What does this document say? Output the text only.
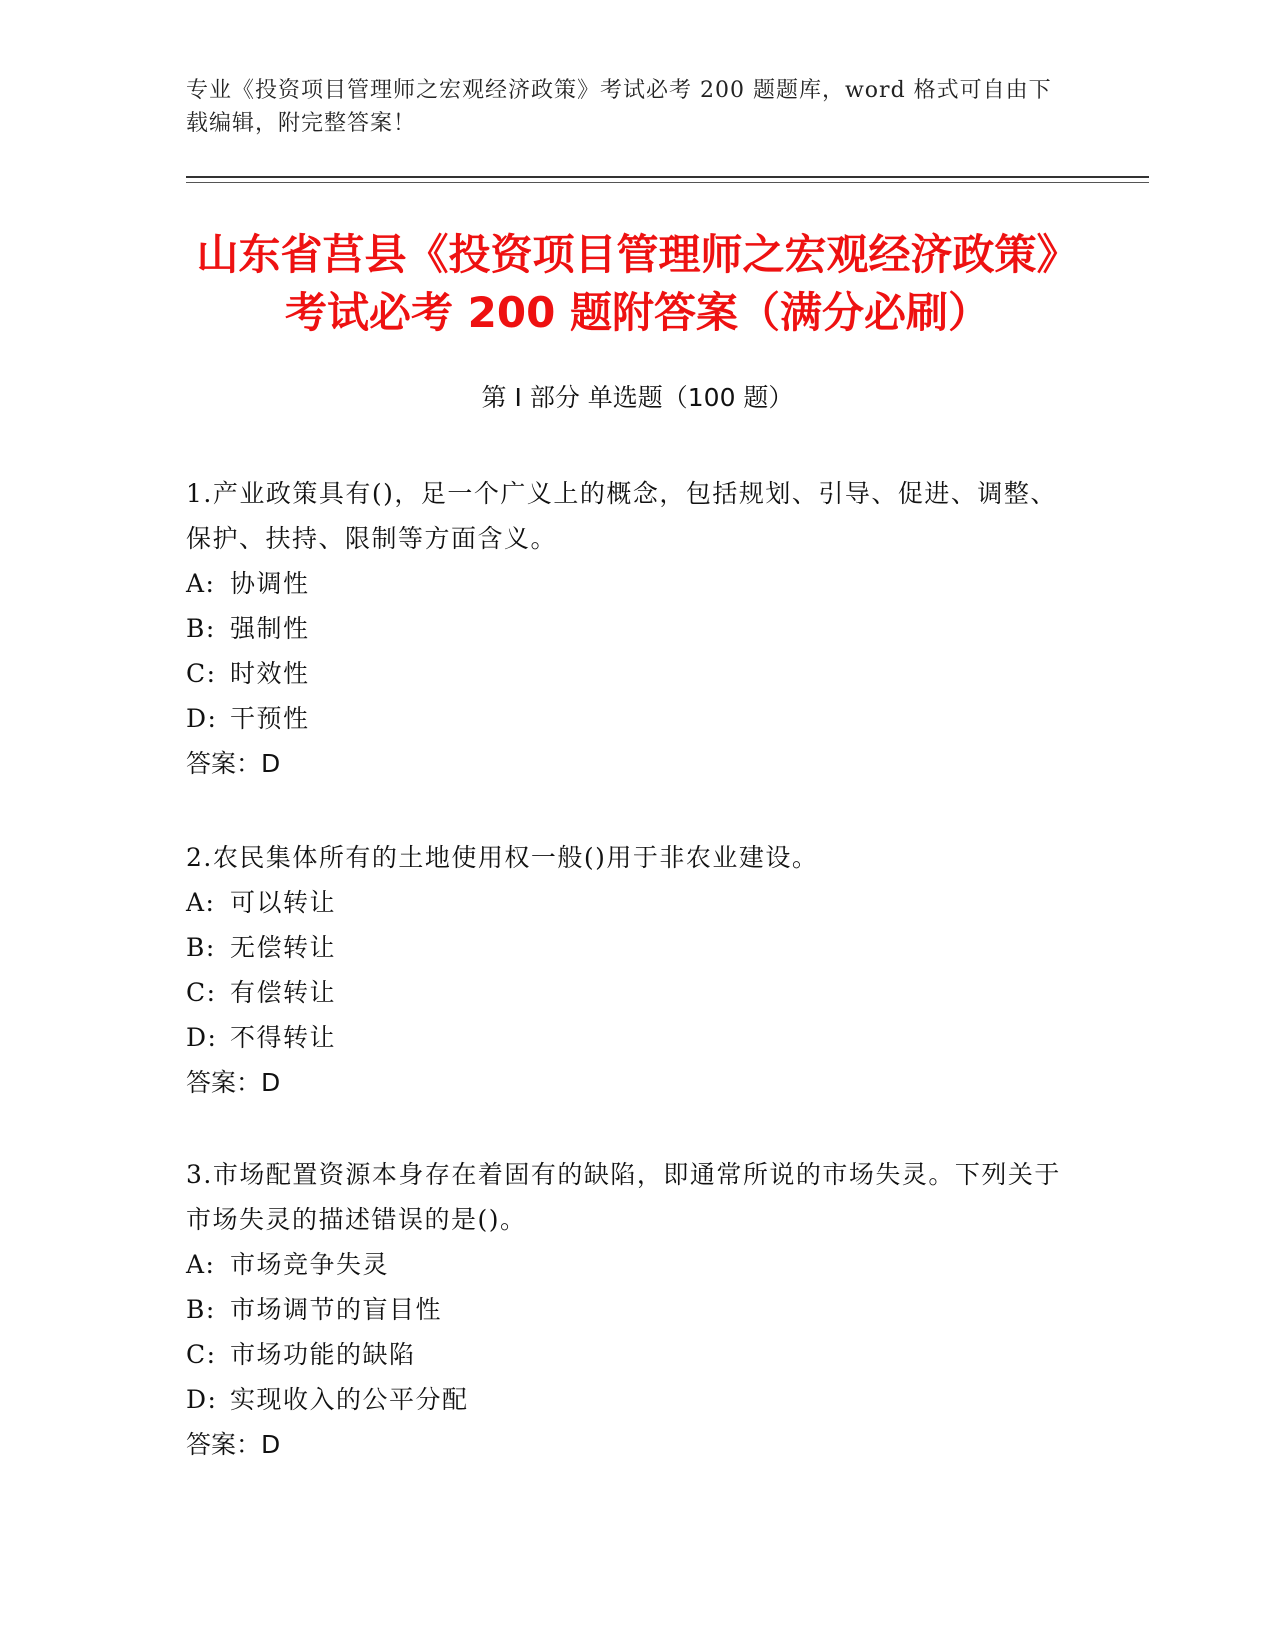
专业《投资项目管理师之宏观经济政策》考试必考 200 题题库，word 格式可自由下载编辑，附完整答案！
山东省莒县《投资项目管理师之宏观经济政策》考试必考 200 题附答案（满分必刷）
第 I 部分 单选题（100 题）

1.产业政策具有()，足一个广义上的概念，包括规划、引导、促进、调整、保护、扶持、限制等方面含义。

A: 协调性

B: 强制性

C: 时效性

D: 干预性

答案：D

2.农民集体所有的土地使用权一般()用于非农业建设。

A: 可以转让

B: 无偿转让

C: 有偿转让

D: 不得转让

答案：D

3.市场配置资源本身存在着固有的缺陷，即通常所说的市场失灵。下列关于市场失灵的描述错误的是()。

A: 市场竞争失灵

B: 市场调节的盲目性

C: 市场功能的缺陷

D: 实现收入的公平分配

答案：D
